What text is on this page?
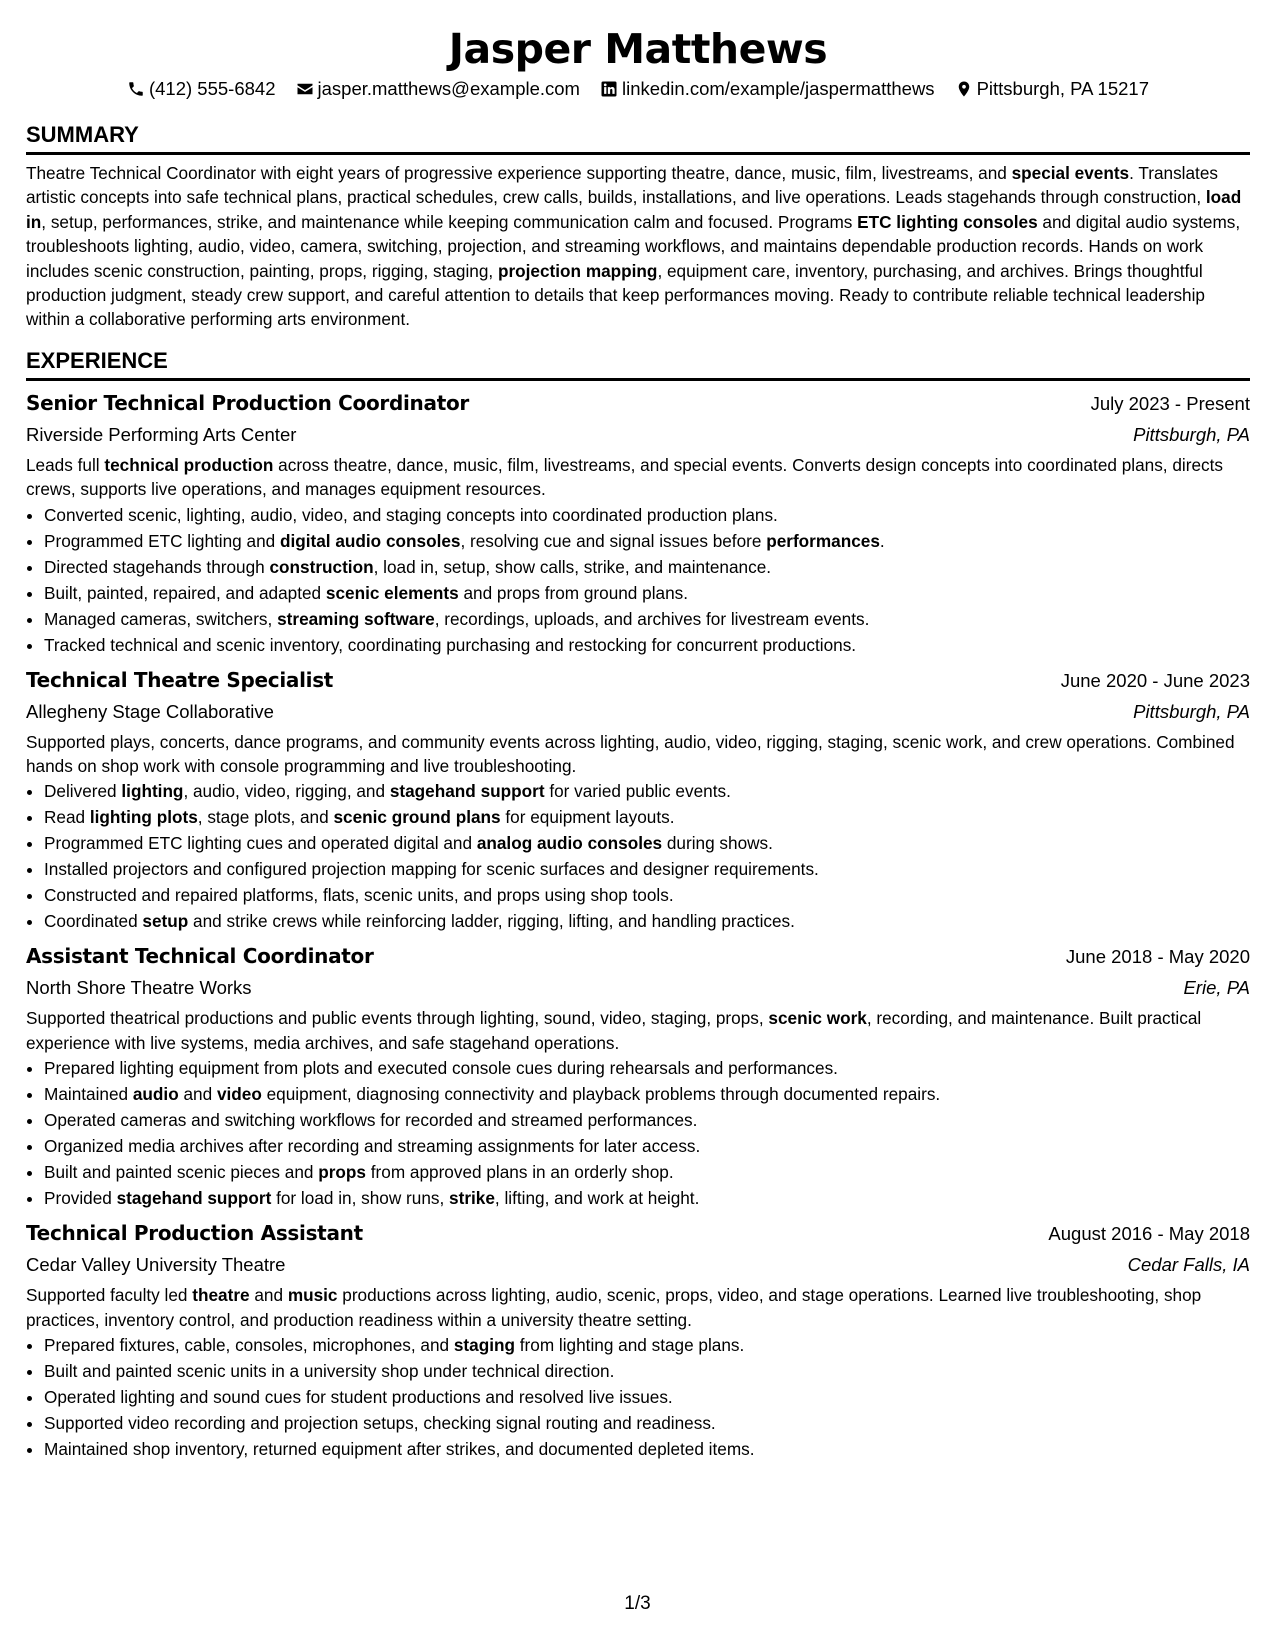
Jasper Matthews
(412) 555-6842 jasper.matthews@example.com linkedin.com/example/jaspermatthews Pittsburgh, PA 15217
SUMMARY
Theatre Technical Coordinator with eight years of progressive experience supporting theatre, dance, music, film, livestreams, and special events. Translates artistic concepts into safe technical plans, practical schedules, crew calls, builds, installations, and live operations. Leads stagehands through construction, load in, setup, performances, strike, and maintenance while keeping communication calm and focused. Programs ETC lighting consoles and digital audio systems, troubleshoots lighting, audio, video, camera, switching, projection, and streaming workflows, and maintains dependable production records. Hands on work includes scenic construction, painting, props, rigging, staging, projection mapping, equipment care, inventory, purchasing, and archives. Brings thoughtful production judgment, steady crew support, and careful attention to details that keep performances moving. Ready to contribute reliable technical leadership within a collaborative performing arts environment.
EXPERIENCE
Senior Technical Production Coordinator	July 2023 - Present
Riverside Performing Arts Center	Pittsburgh, PA
Leads full technical production across theatre, dance, music, film, livestreams, and special events. Converts design concepts into coordinated plans, directs crews, supports live operations, and manages equipment resources.
• Converted scenic, lighting, audio, video, and staging concepts into coordinated production plans.
• Programmed ETC lighting and digital audio consoles, resolving cue and signal issues before performances.
• Directed stagehands through construction, load in, setup, show calls, strike, and maintenance.
• Built, painted, repaired, and adapted scenic elements and props from ground plans.
• Managed cameras, switchers, streaming software, recordings, uploads, and archives for livestream events.
• Tracked technical and scenic inventory, coordinating purchasing and restocking for concurrent productions.
Technical Theatre Specialist	June 2020 - June 2023
Allegheny Stage Collaborative	Pittsburgh, PA
Supported plays, concerts, dance programs, and community events across lighting, audio, video, rigging, staging, scenic work, and crew operations. Combined hands on shop work with console programming and live troubleshooting.
• Delivered lighting, audio, video, rigging, and stagehand support for varied public events.
• Read lighting plots, stage plots, and scenic ground plans for equipment layouts.
• Programmed ETC lighting cues and operated digital and analog audio consoles during shows.
• Installed projectors and configured projection mapping for scenic surfaces and designer requirements.
• Constructed and repaired platforms, flats, scenic units, and props using shop tools.
• Coordinated setup and strike crews while reinforcing ladder, rigging, lifting, and handling practices.
Assistant Technical Coordinator	June 2018 - May 2020
North Shore Theatre Works	Erie, PA
Supported theatrical productions and public events through lighting, sound, video, staging, props, scenic work, recording, and maintenance. Built practical experience with live systems, media archives, and safe stagehand operations.
• Prepared lighting equipment from plots and executed console cues during rehearsals and performances.
• Maintained audio and video equipment, diagnosing connectivity and playback problems through documented repairs.
• Operated cameras and switching workflows for recorded and streamed performances.
• Organized media archives after recording and streaming assignments for later access.
• Built and painted scenic pieces and props from approved plans in an orderly shop.
• Provided stagehand support for load in, show runs, strike, lifting, and work at height.
Technical Production Assistant	August 2016 - May 2018
Cedar Valley University Theatre	Cedar Falls, IA
Supported faculty led theatre and music productions across lighting, audio, scenic, props, video, and stage operations. Learned live troubleshooting, shop practices, inventory control, and production readiness within a university theatre setting.
• Prepared fixtures, cable, consoles, microphones, and staging from lighting and stage plans.
• Built and painted scenic units in a university shop under technical direction.
• Operated lighting and sound cues for student productions and resolved live issues.
• Supported video recording and projection setups, checking signal routing and readiness.
• Maintained shop inventory, returned equipment after strikes, and documented depleted items.
1/3
